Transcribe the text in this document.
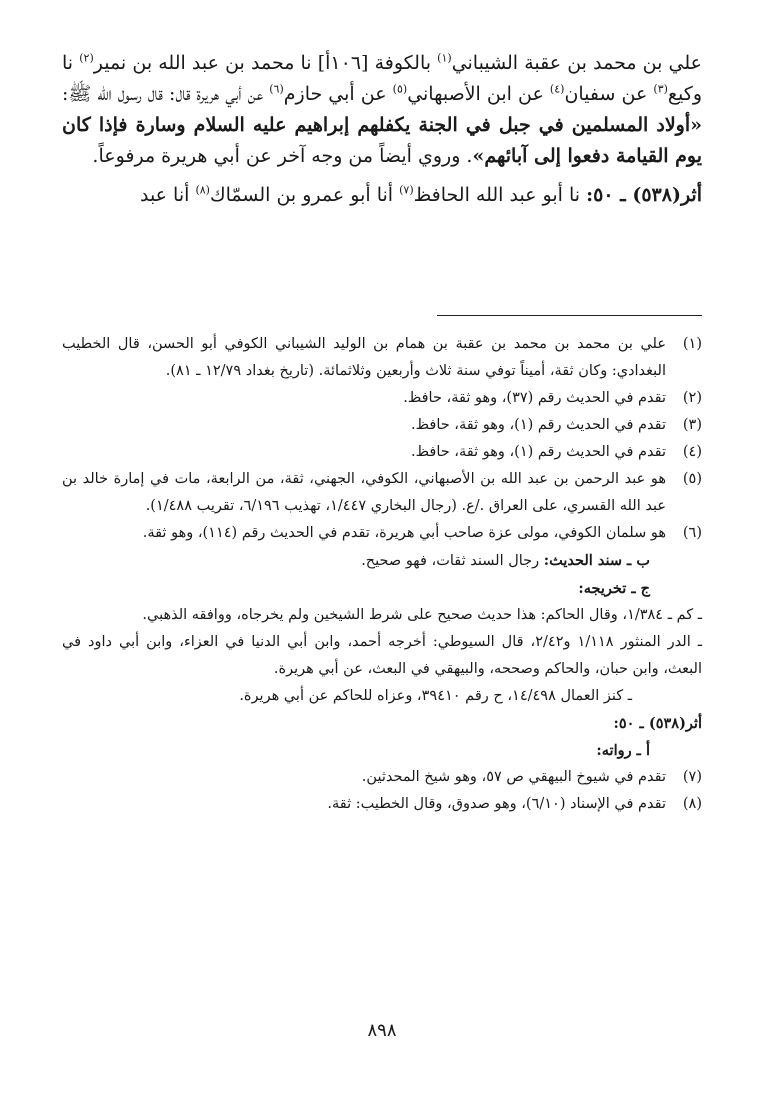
علي بن محمد بن عقبة الشيباني$^{(١)}$ بالكوفة [١٠٦أ] نا محمد بن عبد الله بن نمير$^{(٢)}$ نا وكيع$^{(٣)}$ عن سفيان$^{(٤)}$ عن ابن الأصبهاني$^{(٥)}$ عن أبي حازم$^{(٦)}$ عن أبي هريرة قال: قال رسول الله ﷺ: «أولاد المسلمين في جبل في الجنة يكفلهم إبراهيم عليه السلام وسارة فإذا كان يوم القيامة دفعوا إلى آبائهم». وروي أيضاً من وجه آخر عن أبي هريرة مرفوعاً.

أثر(٥٣٨) ـ ٥٠: نا أبو عبد الله الحافظ$^{(٧)}$ أنا أبو عمرو بن السمّاك$^{(٨)}$ أنا عبد

(١)
علي بن محمد بن محمد بن عقبة بن همام بن الوليد الشيباني الكوفي أبو الحسن، قال الخطيب البغدادي: وكان ثقة، أميناً توفي سنة ثلاث وأربعين وثلاثمائة. (تاريخ بغداد ١٢/٧٩ ـ ٨١).
(٢)
تقدم في الحديث رقم (٣٧)، وهو ثقة، حافظ.
(٣)
تقدم في الحديث رقم (١)، وهو ثقة، حافظ.
(٤)
تقدم في الحديث رقم (١)، وهو ثقة، حافظ.
(٥)
هو عبد الرحمن بن عبد الله بن الأصبهاني، الكوفي، الجهني، ثقة، من الرابعة، مات في إمارة خالد بن عبد الله القسري، على العراق ./ع. (رجال البخاري ١/٤٤٧، تهذيب ٦/١٩٦، تقريب ١/٤٨٨).
(٦)
هو سلمان الكوفي، مولى عزة صاحب أبي هريرة، تقدم في الحديث رقم (١١٤)، وهو ثقة.
ب ـ سند الحديث: رجال السند ثقات، فهو صحيح.
ج ـ تخريجه:
ـ كم ـ ١/٣٨٤، وقال الحاكم: هذا حديث صحيح على شرط الشيخين ولم يخرجاه، ووافقه الذهبي.
ـ الدر المنثور ١/١١٨ و٢/٤٢، قال السيوطي: أخرجه أحمد، وابن أبي الدنيا في العزاء، وابن أبي داود في البعث، وابن حبان، والحاكم وصححه، والبيهقي في البعث، عن أبي هريرة.
ـ كنز العمال ١٤/٤٩٨، ح رقم ٣٩٤١٠، وعزاه للحاكم عن أبي هريرة.
أثر(٥٣٨) ـ ٥٠:
أ ـ رواته:
(٧)
تقدم في شيوخ البيهقي ص ٥٧، وهو شيخ المحدثين.
(٨)
تقدم في الإسناد (٦/١٠)، وهو صدوق، وقال الخطيب: ثقة.
٨٩٨
